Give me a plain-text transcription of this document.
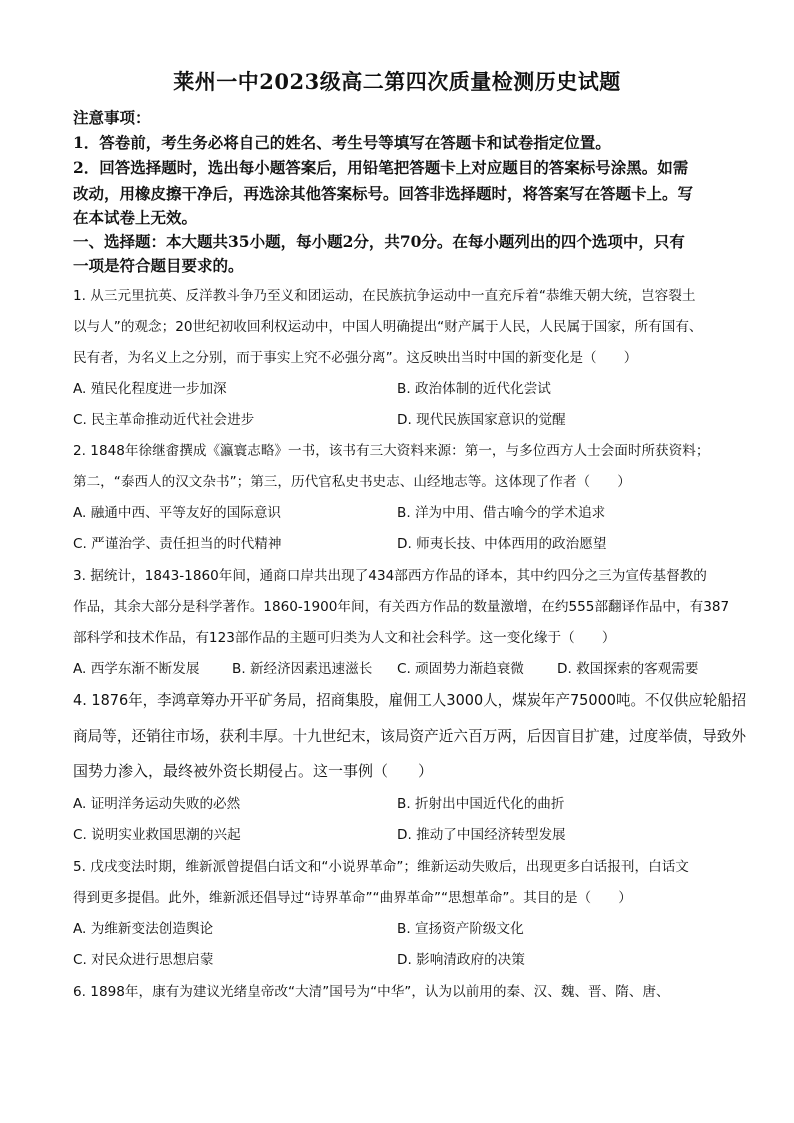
莱州一中2023级高二第四次质量检测历史试题
注意事项：
1．答卷前，考生务必将自己的姓名、考生号等填写在答题卡和试卷指定位置。
2．回答选择题时，选出每小题答案后，用铅笔把答题卡上对应题目的答案标号涂黑。如需
改动，用橡皮擦干净后，再选涂其他答案标号。回答非选择题时，将答案写在答题卡上。写
在本试卷上无效。
一、选择题：本大题共35小题，每小题2分，共70分。在每小题列出的四个选项中，只有
一项是符合题目要求的。
1. 从三元里抗英、反洋教斗争乃至义和团运动，在民族抗争运动中一直充斥着“恭维天朝大统，岂容裂土
以与人”的观念；20世纪初收回利权运动中，中国人明确提出“财产属于人民，人民属于国家，所有国有、
民有者，为名义上之分别，而于事实上究不必强分离”。这反映出当时中国的新变化是（　　）
A. 殖民化程度进一步加深	B. 政治体制的近代化尝试
C. 民主革命推动近代社会进步	D. 现代民族国家意识的觉醒
2. 1848年徐继畬撰成《瀛寰志略》一书，该书有三大资料来源：第一，与多位西方人士会面时所获资料；
第二，“泰西人的汉文杂书”；第三，历代官私史书史志、山经地志等。这体现了作者（　　）
A. 融通中西、平等友好的国际意识	B. 洋为中用、借古喻今的学术追求
C. 严谨治学、责任担当的时代精神	D. 师夷长技、中体西用的政治愿望
3. 据统计，1843-1860年间，通商口岸共出现了434部西方作品的译本，其中约四分之三为宣传基督教的
作品，其余大部分是科学著作。1860-1900年间，有关西方作品的数量激增，在约555部翻译作品中，有387
部科学和技术作品，有123部作品的主题可归类为人文和社会科学。这一变化缘于（　　）
A. 西学东渐不断发展 B. 新经济因素迅速滋长 C. 顽固势力渐趋衰微 D. 救国探索的客观需要
4. 1876年，李鸿章筹办开平矿务局，招商集股，雇佣工人3000人，煤炭年产75000吨。不仅供应轮船招
商局等，还销往市场，获利丰厚。十九世纪末，该局资产近六百万两，后因盲目扩建，过度举债，导致外
国势力渗入，最终被外资长期侵占。这一事例（　　）
A. 证明洋务运动失败的必然	B. 折射出中国近代化的曲折
C. 说明实业救国思潮的兴起	D. 推动了中国经济转型发展
5. 戊戌变法时期，维新派曾提倡白话文和“小说界革命”；维新运动失败后，出现更多白话报刊，白话文
得到更多提倡。此外，维新派还倡导过“诗界革命”“曲界革命”“思想革命”。其目的是（　　）
A. 为维新变法创造舆论	B. 宣扬资产阶级文化
C. 对民众进行思想启蒙	D. 影响清政府的决策
6. 1898年，康有为建议光绪皇帝改“大清”国号为“中华”，认为以前用的秦、汉、魏、晋、隋、唐、
